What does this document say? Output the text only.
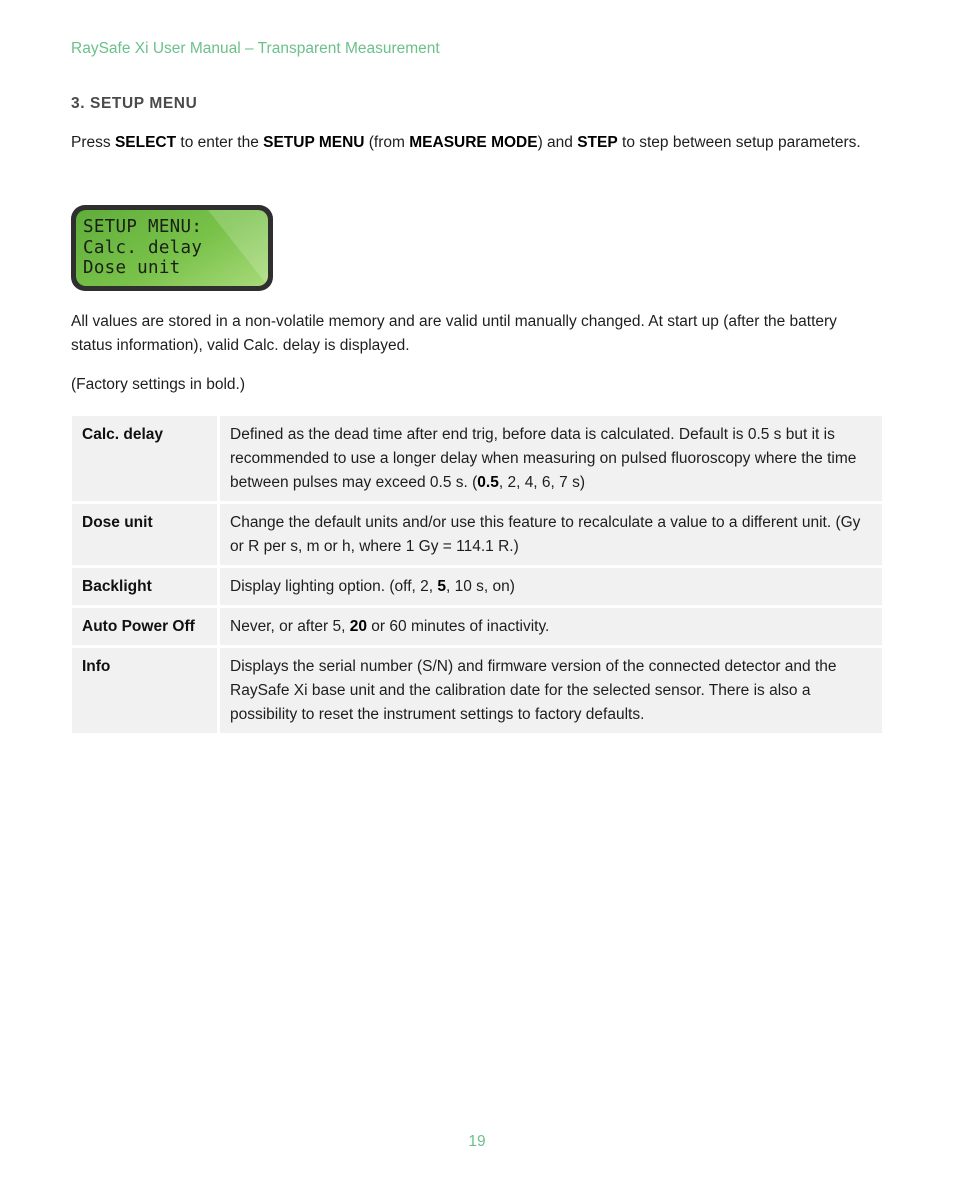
RaySafe Xi User Manual – Transparent Measurement
3. SETUP MENU

Press SELECT to enter the SETUP MENU (from MEASURE MODE) and STEP to step between setup parameters.

SETUP MENU:
Calc. delay
Dose unit

All values are stored in a non-volatile memory and are valid until manually changed. At start up (after the battery status information), valid Calc. delay is displayed.

(Factory settings in bold.)

Calc. delay	Defined as the dead time after end trig, before data is calculated. Default is 0.5 s but it is recommended to use a longer delay when measuring on pulsed fluoroscopy where the time between pulses may exceed 0.5 s. (0.5, 2, 4, 6, 7 s)
Dose unit	Change the default units and/or use this feature to recalculate a value to a different unit. (Gy or R per s, m or h, where 1 Gy = 114.1 R.)
Backlight	Display lighting option. (off, 2, 5, 10 s, on)
Auto Power Off	Never, or after 5, 20 or 60 minutes of inactivity.
Info	Displays the serial number (S/N) and firmware version of the connected detector and the RaySafe Xi base unit and the calibration date for the selected sensor. There is also a possibility to reset the instrument settings to factory defaults.
19
